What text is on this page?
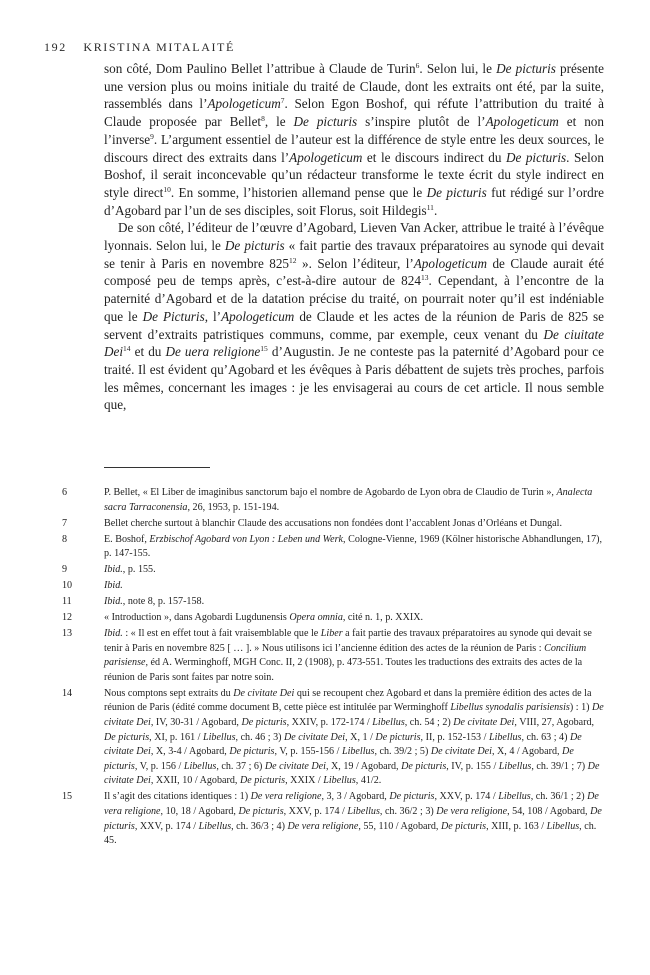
192 KRISTINA MITALAITÉ

son côté, Dom Paulino Bellet l’attribue à Claude de Turin$^6$. Selon lui, le De picturis présente une version plus ou moins initiale du traité de Claude, dont les extraits ont été, par la suite, rassemblés dans l’Apologeticum$^7$. Selon Egon Boshof, qui réfute l’attribution du traité à Claude proposée par Bellet$^8$, le De picturis s’inspire plutôt de l’Apologeticum et non l’inverse$^9$. L’argument essentiel de l’auteur est la différence de style entre les deux sources, le discours direct des extraits dans l’Apologeticum et le discours indirect du De picturis. Selon Boshof, il serait inconcevable qu’un rédacteur transforme le texte écrit du style indirect en style direct$^{10}$. En somme, l’historien allemand pense que le De picturis fut rédigé sur l’ordre d’Agobard par l’un de ses disciples, soit Florus, soit Hildegis$^{11}$.

De son côté, l’éditeur de l’œuvre d’Agobard, Lieven Van Acker, attribue le traité à l’évêque lyonnais. Selon lui, le De picturis « fait partie des travaux préparatoires au synode qui devait se tenir à Paris en novembre $825^{12}$ ». Selon l’éditeur, l’Apologeticum de Claude aurait été composé peu de temps après, c’est-à-dire autour de $824^{13}$. Cependant, à l’encontre de la paternité d’Agobard et de la datation précise du traité, on pourrait noter qu’il est indéniable que le De Picturis, l’Apologeticum de Claude et les actes de la réunion de Paris de 825 se servent d’extraits patristiques communs, comme, par exemple, ceux venant du De ciuitate Dei$^{14}$ et du De uera religione$^{15}$ d’Augustin. Je ne conteste pas la paternité d’Agobard pour ce traité. Il est évident qu’Agobard et les évêques à Paris débattent de sujets très proches, parfois les mêmes, concernant les images : je les envisagerai au cours de cet article. Il nous semble que,

6	P. Bellet, « El Liber de imaginibus sanctorum bajo el nombre de Agobardo de Lyon obra de Claudio de Turin », Analecta sacra Tarraconensia, 26, 1953, p. 151-194.
7	Bellet cherche surtout à blanchir Claude des accusations non fondées dont l’accablent Jonas d’Orléans et Dungal.
8	E. Boshof, Erzbischof Agobard von Lyon : Leben und Werk, Cologne-Vienne, 1969 (Kölner historische Abhandlungen, 17), p. 147-155.
9	Ibid., p. 155.
10	Ibid.
11	Ibid., note 8, p. 157-158.
12	« Introduction », dans Agobardi Lugdunensis Opera omnia, cité n. 1, p. XXIX.
13	Ibid. : « Il est en effet tout à fait vraisemblable que le Liber a fait partie des travaux préparatoires au synode qui devait se tenir à Paris en novembre 825 [ … ]. » Nous utilisons ici l’ancienne édition des actes de la réunion de Paris : Concilium parisiense, éd A. Werminghoff, MGH Conc. II, 2 (1908), p. 473-551. Toutes les traductions des extraits des actes de la réunion de Paris sont faites par notre soin.
14	Nous comptons sept extraits du De civitate Dei qui se recoupent chez Agobard et dans la première édition des actes de la réunion de Paris (édité comme document B, cette pièce est intitulée par Werminghoff Libellus synodalis parisiensis) : 1) De civitate Dei, IV, 30-31 / Agobard, De picturis, XXIV, p. 172-174 / Libellus, ch. 54 ; 2) De civitate Dei, VIII, 27, Agobard, De picturis, XI, p. 161 / Libellus, ch. 46 ; 3) De civitate Dei, X, 1 / De picturis, II, p. 152-153 / Libellus, ch. 63 ; 4) De civitate Dei, X, 3-4 / Agobard, De picturis, V, p. 155-156 / Libellus, ch. 39/2 ; 5) De civitate Dei, X, 4 / Agobard, De picturis, V, p. 156 / Libellus, ch. 37 ; 6) De civitate Dei, X, 19 / Agobard, De picturis, IV, p. 155 / Libellus, ch. 39/1 ; 7) De civitate Dei, XXII, 10 / Agobard, De picturis, XXIX / Libellus, 41/2.
15	Il s’agit des citations identiques : 1) De vera religione, 3, 3 / Agobard, De picturis, XXV, p. 174 / Libellus, ch. 36/1 ; 2) De vera religione, 10, 18 / Agobard, De picturis, XXV, p. 174 / Libellus, ch. 36/2 ; 3) De vera religione, 54, 108 / Agobard, De picturis, XXV, p. 174 / Libellus, ch. 36/3 ; 4) De vera religione, 55, 110 / Agobard, De picturis, XIII, p. 163 / Libellus, ch. 45.
